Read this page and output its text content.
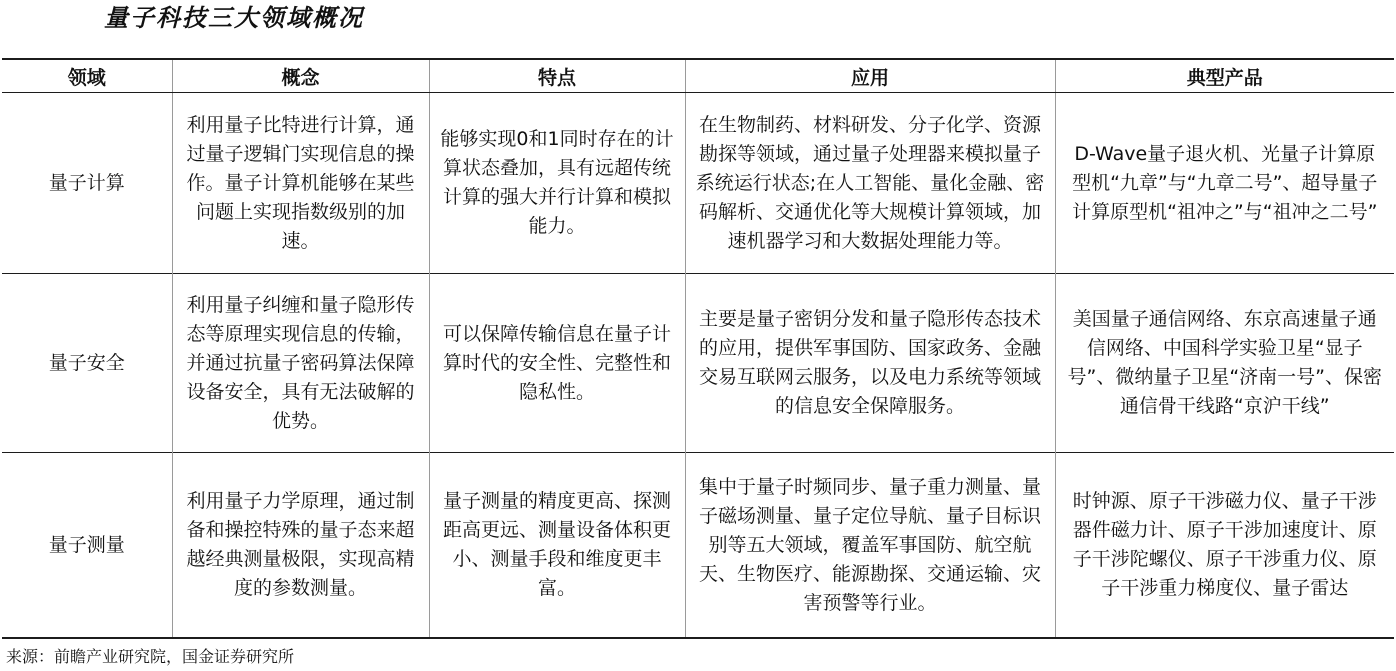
量子科技三大领域概况
领域	概念	特点	应用	典型产品
量子计算	利用量子比特进行计算，通过量子逻辑门实现信息的操作。量子计算机能够在某些问题上实现指数级别的加速。	能够实现0和1同时存在的计算状态叠加，具有远超传统计算的强大并行计算和模拟能力。	在生物制药、材料研发、分子化学、资源勘探等领域，通过量子处理器来模拟量子系统运行状态;在人工智能、量化金融、密码解析、交通优化等大规模计算领域，加速机器学习和大数据处理能力等。	D-Wave量子退火机、光量子计算原型机“九章”与“九章二号”、超导量子计算原型机“祖冲之”与“祖冲之二号”
量子安全	利用量子纠缠和量子隐形传态等原理实现信息的传输，并通过抗量子密码算法保障设备安全，具有无法破解的优势。	可以保障传输信息在量子计算时代的安全性、完整性和隐私性。	主要是量子密钥分发和量子隐形传态技术的应用，提供军事国防、国家政务、金融交易互联网云服务，以及电力系统等领域的信息安全保障服务。	美国量子通信网络、东京高速量子通信网络、中国科学实验卫星“显子号”、微纳量子卫星“济南一号”、保密通信骨干线路“京沪干线”
量子测量	利用量子力学原理，通过制备和操控特殊的量子态来超越经典测量极限，实现高精度的参数测量。	量子测量的精度更高、探测距高更远、测量设备体积更小、测量手段和维度更丰富。	集中于量子时频同步、量子重力测量、量子磁场测量、量子定位导航、量子目标识别等五大领域，覆盖军事国防、航空航天、生物医疗、能源勘探、交通运输、灾害预警等行业。	时钟源、原子干涉磁力仪、量子干涉器件磁力计、原子干涉加速度计、原子干涉陀螺仪、原子干涉重力仪、原子干涉重力梯度仪、量子雷达
来源：前瞻产业研究院，国金证券研究所
